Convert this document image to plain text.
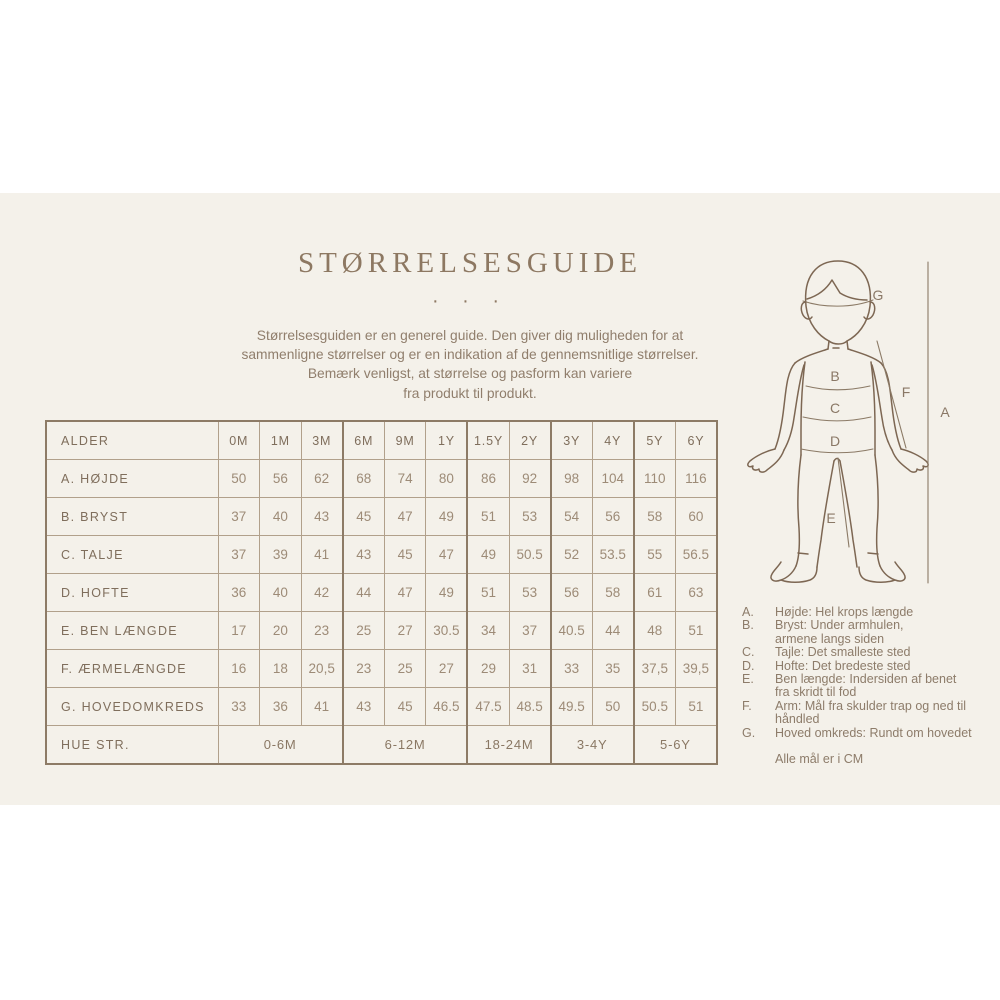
STØRRELSESGUIDE
· · ·
Størrelsesguiden er en generel guide. Den giver dig muligheden for at
sammenligne størrelser og er en indikation af de gennemsnitlige størrelser.
Bemærk venligst, at størrelse og pasform kan variere
fra produkt til produkt.
ALDER	0M	1M	3M	6M	9M	1Y	1.5Y	2Y	3Y	4Y	5Y	6Y
A. HØJDE	50	56	62	68	74	80	86	92	98	104	110	116
B. BRYST	37	40	43	45	47	49	51	53	54	56	58	60
C. TALJE	37	39	41	43	45	47	49	50.5	52	53.5	55	56.5
D. HOFTE	36	40	42	44	47	49	51	53	56	58	61	63
E. BEN LÆNGDE	17	20	23	25	27	30.5	34	37	40.5	44	48	51
F. ÆRMELÆNGDE	16	18	20,5	23	25	27	29	31	33	35	37,5	39,5
G. HOVEDOMKREDS	33	36	41	43	45	46.5	47.5	48.5	49.5	50	50.5	51
HUE STR.	0-6M			6-12M			18-24M		3-4Y		5-6Y	
A
B
C
D
E
F
G
A.	Højde: Hel krops længde
B.	Bryst: Under armhulen,
armene langs siden
C.	Tajle: Det smalleste sted
D.	Hofte: Det bredeste sted
E.	Ben længde: Indersiden af benet
fra skridt til fod
F.	Arm: Mål fra skulder trap og ned til
håndled
G.	Hoved omkreds: Rundt om hovedet
Alle mål er i CM
